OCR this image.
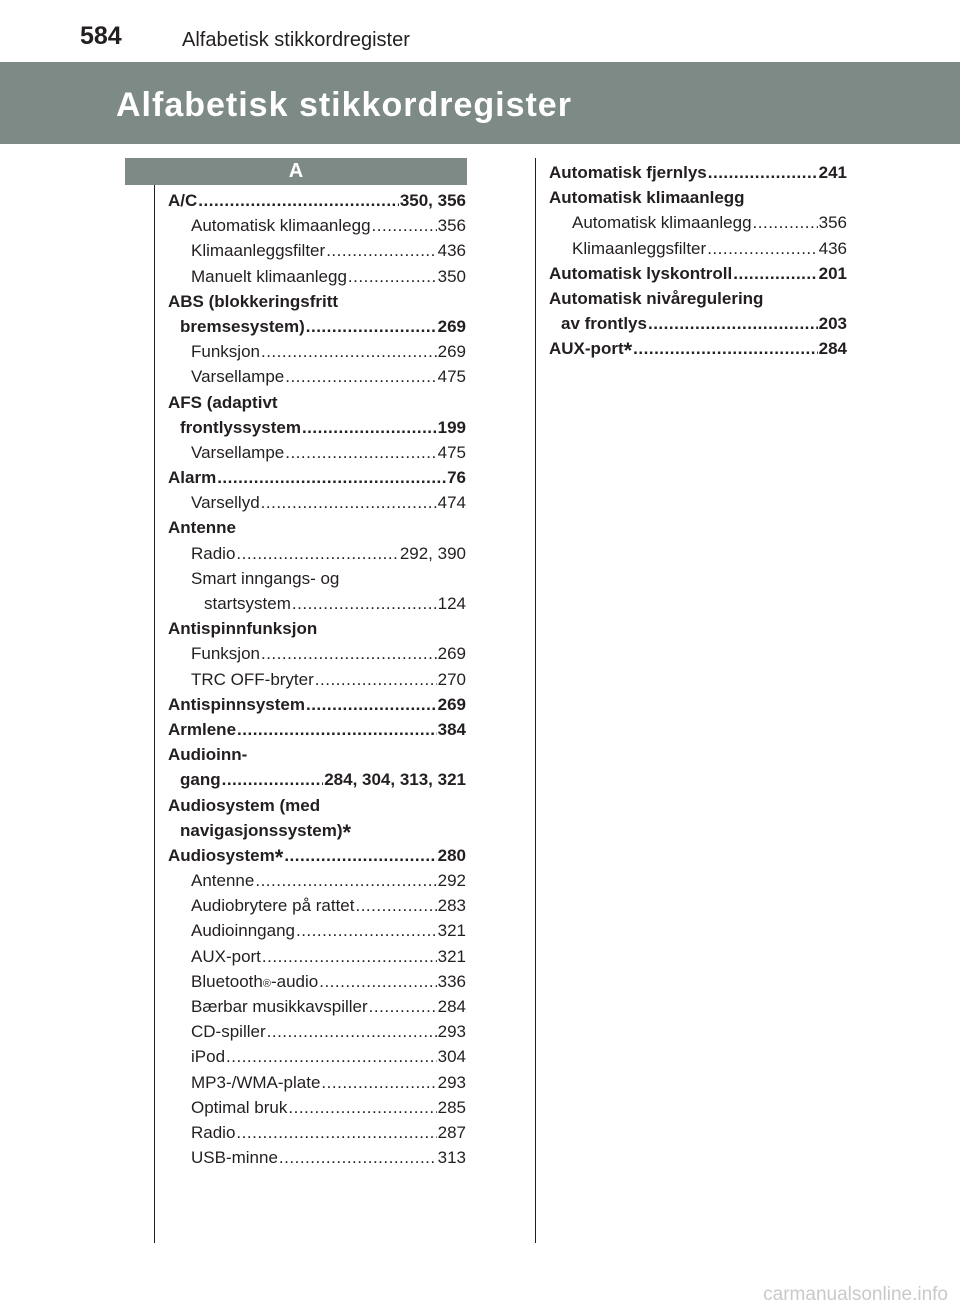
584	Alfabetisk stikkordregister
Alfabetisk stikkordregister
A
A/C .....	350, 356
Automatisk klimaanlegg .....	356
Klimaanleggsfilter .....	436
Manuelt klimaanlegg .....	350
ABS (blokkeringsfritt
bremsesystem) .....	269
Funksjon .....	269
Varsellampe .....	475
AFS (adaptivt
frontlyssystem .....	199
Varsellampe .....	475
Alarm .....	76
Varsellyd .....	474
Antenne
Radio .....	292, 390
Smart inngangs- og
startsystem .....	124
Antispinnfunksjon
Funksjon .....	269
TRC OFF-bryter .....	270
Antispinnsystem .....	269
Armlene .....	384
Audioinn-
gang .....	284, 304, 313, 321
Audiosystem (med
navigasjonssystem) *
Audiosystem * .....	280
Antenne .....	292
Audiobrytere på rattet .....	283
Audioinngang .....	321
AUX-port .....	321
Bluetooth ® -audio .....	336
Bærbar musikkavspiller .....	284
CD-spiller .....	293
iPod .....	304
MP3-/WMA-plate .....	293
Optimal bruk .....	285
Radio .....	287
USB-minne .....	313
Automatisk fjernlys .....	241
Automatisk klimaanlegg
Automatisk klimaanlegg .....	356
Klimaanleggsfilter .....	436
Automatisk lyskontroll .....	201
Automatisk nivåregulering
av frontlys .....	203
AUX-port * .....	284
carmanualsonline.info
